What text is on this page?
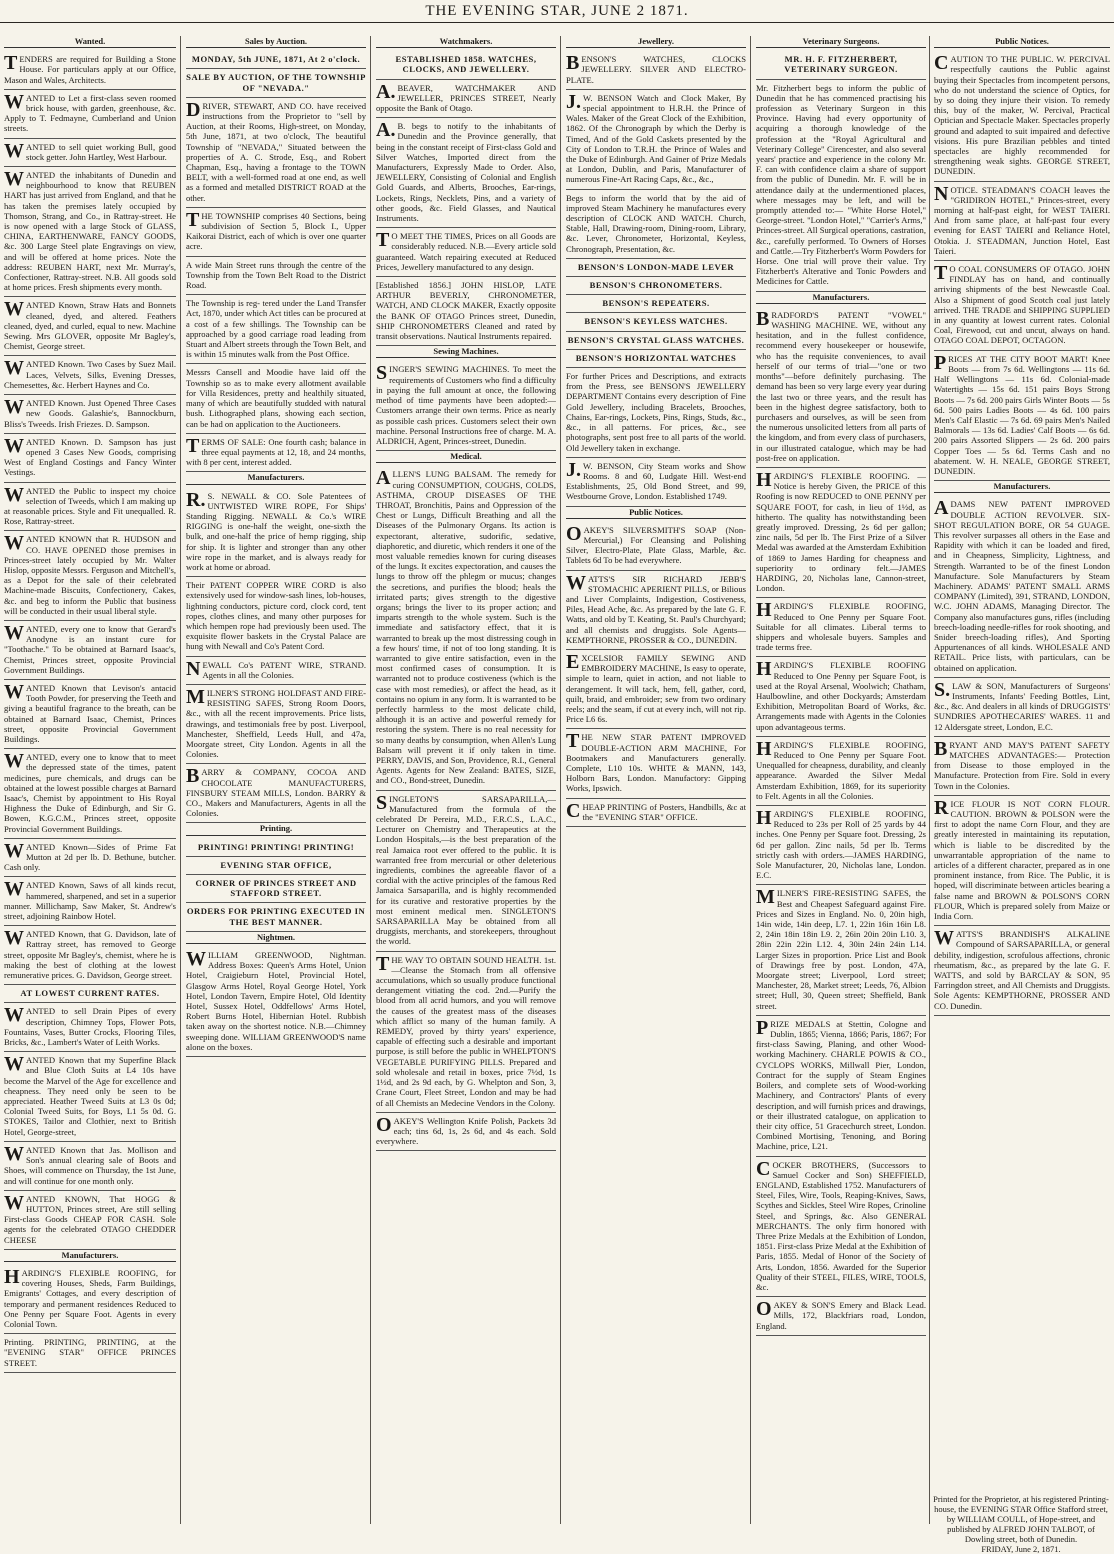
THE EVENING STAR, JUNE 2 1871.
Wanted.

TENDERS are required for Building a Stone House. For particulars apply at our Office, Mason and Wales, Architects.

WANTED to Let a first-class seven roomed brick house, with garden, greenhouse, &c. Apply to T. Fedmayne, Cumberland and Union streets.

WANTED to sell quiet working Bull, good stock getter. John Hartley, West Harbour.

WANTED the inhabitants of Dunedin and neighbourhood to know that REUBEN HART has just arrived from England, and that he has taken the premises lately occupied by Thomson, Strang, and Co., in Rattray-street. He is now opened with a large Stock of GLASS, CHINA, EARTHENWARE, FANCY GOODS, &c. 300 Large Steel plate Engravings on view, and will be offered at home prices. Note the address: REUBEN HART, next Mr. Murray's, Confectioner, Rattray-street. N.B. All goods sold at home prices. Fresh shipments every month.

WANTED Known, Straw Hats and Bonnets cleaned, dyed, and altered. Feathers cleaned, dyed, and curled, equal to new. Machine Sewing. Mrs GLOVER, opposite Mr Bagley's, Chemist, George street.

WANTED Known. Two Cases by Suez Mail. Laces, Velvets, Silks, Evening Dresses, Chemesettes, &c. Herbert Haynes and Co.

WANTED Known. Just Opened Three Cases new Goods. Galashie's, Bannockburn, Bliss's Tweeds. Irish Friezes. D. Sampson.

WANTED Known. D. Sampson has just opened 3 Cases New Goods, comprising West of England Costings and Fancy Winter Vestings.

WANTED the Public to inspect my choice selection of Tweeds, which I am making up at reasonable prices. Style and Fit unequalled. R. Rose, Rattray-street.

WANTED KNOWN that R. HUDSON and CO. HAVE OPENED those premises in Princes-street lately occupied by Mr. Walter Hislop, opposite Messrs. Ferguson and Mitchell's, as a Depot for the sale of their celebrated Machine-made Biscuits, Confectionery, Cakes, &c. and beg to inform the Public that business will be conducted in their usual liberal style.

WANTED, every one to know that Gerard's Anodyne is an instant cure for "Toothache." To be obtained at Barnard Isaac's, Chemist, Princes street, opposite Provincial Government Buildings.

WANTED Known that Levison's antacid Tooth Powder, for preserving the Teeth and giving a beautiful fragrance to the breath, can be obtained at Barnard Isaac, Chemist, Princes street, opposite Provincial Government Buildings.

WANTED, every one to know that to meet the depressed state of the times, patent medicines, pure chemicals, and drugs can be obtained at the lowest possible charges at Barnard Isaac's, Chemist by appointment to His Royal Highness the Duke of Edinburgh, and Sir G. Bowen, K.G.C.M., Princes street, opposite Provincial Government Buildings.

WANTED Known—Sides of Prime Fat Mutton at 2d per lb. D. Bethune, butcher. Cash only.

WANTED Known, Saws of all kinds recut, hammered, sharpened, and set in a superior manner. Millichamp, Saw Maker, St. Andrew's street, adjoining Rainbow Hotel.

WANTED Known, that G. Davidson, late of Rattray street, has removed to George street, opposite Mr Bagley's, chemist, where he is making the best of clothing at the lowest remunerative prices. G. Davidson, George street.

AT LOWEST CURRENT RATES.

WANTED to sell Drain Pipes of every description, Chimney Tops, Flower Pots, Fountains, Vases, Butter Crocks, Flooring Tiles, Bricks, &c., Lambert's Water of Leith Works.

WANTED Known that my Superfine Black and Blue Cloth Suits at L4 10s have become the Marvel of the Age for excellence and cheapness. They need only be seen to be appreciated. Heather Tweed Suits at L3 0s 0d; Colonial Tweed Suits, for Boys, L1 5s 0d. G. STOKES, Tailor and Clothier, next to British Hotel, George-street,

WANTED Known that Jas. Mollison and Son's annual clearing sale of Boots and Shoes, will commence on Thursday, the 1st June, and will continue for one month only.

WANTED KNOWN, That HOGG & HUTTON, Princes street, Are still selling First-class Goods CHEAP FOR CASH. Sole agents for the celebrated OTAGO CHEDDER CHEESE

Manufacturers.

HARDING'S FLEXIBLE ROOFING, for covering Houses, Sheds, Farm Buildings, Emigrants' Cottages, and every description of temporary and permanent residences Reduced to One Penny per Square Foot. Agents in every Colonial Town.

Printing. PRINTING, PRINTING, at the "EVENING STAR" OFFICE PRINCES STREET.

Sales by Auction.

MONDAY, 5th JUNE, 1871, At 2 o'clock.

SALE BY AUCTION, OF THE TOWNSHIP OF "NEVADA."

DRIVER, STEWART, AND CO. have received instructions from the Proprietor to "sell by Auction, at their Rooms, High-street, on Monday, 5th June, 1871, at two o'clock, The beautiful Township of "NEVADA," Situated between the properties of A. C. Strode, Esq., and Robert Chapman, Esq., having a frontage to the TOWN BELT, with a well-formed road at one end, as well as a formed and metalled DISTRICT ROAD at the other.

THE TOWNSHIP comprises 40 Sections, being subdivision of Section 5, Block I., Upper Kaikorai District, each of which is over one quarter acre.

A wide Main Street runs through the centre of the Township from the Town Belt Road to the District Road.

The Township is reg- tered under the Land Transfer Act, 1870, under which Act titles can be procured at a cost of a few shillings. The Township can be approached by a good carriage road leading from Stuart and Albert streets through the Town Belt, and is within 15 minutes walk from the Post Office.

Messrs Cansell and Moodie have laid off the Township so as to make every allotment available for Villa Residences, pretty and healthily situated, many of which are beautifully studded with natural bush. Lithographed plans, showing each section, can be had on application to the Auctioneers.

TERMS OF SALE: One fourth cash; balance in three equal payments at 12, 18, and 24 months, with 8 per cent, interest added.

Manufacturers.

R.S. NEWALL & CO. Sole Patentees of UNTWISTED WIRE ROPE, For Ships' Standing Rigging. NEWALL & Co.'s WIRE RIGGING is one-half the weight, one-sixth the bulk, and one-half the price of hemp rigging, ship for ship. It is lighter and stronger than any other wire rope in the market, and is always ready for work at home or abroad.

Their PATENT COPPER WIRE CORD is also extensively used for window-sash lines, lob-houses, lightning conductors, picture cord, clock cord, tent ropes, clothes clines, and many other purposes for which hempen rope had previously been used. The exquisite flower baskets in the Crystal Palace are hung with Newall and Co's Patent Cord.

NEWALL Co's PATENT WIRE, STRAND. Agents in all the Colonies.

MILNER'S STRONG HOLDFAST AND FIRE-RESISTING SAFES, Strong Room Doors, &c., with all the recent improvements. Price lists, drawings, and testimonials free by post. Liverpool, Manchester, Sheffield, Leeds Hull, and 47a, Moorgate street, City London. Agents in all the Colonies.

BARRY & COMPANY, COCOA AND CHOCOLATE MANUFACTURERS, FINSBURY STEAM MILLS, London. BARRY & CO., Makers and Manufacturers, Agents in all the Colonies.

Printing.

PRINTING! PRINTING! PRINTING!

EVENING STAR OFFICE,

CORNER OF PRINCES STREET AND STAFFORD STREET.

ORDERS FOR PRINTING EXECUTED IN THE BEST MANNER.

Nightmen.

WILLIAM GREENWOOD, Nightman. Address Boxes: Queen's Arms Hotel, Union Hotel, Craigieburn Hotel, Provincial Hotel, Glasgow Arms Hotel, Royal George Hotel, York Hotel, London Tavern, Empire Hotel, Old Identity Hotel, Sussex Hotel, Oddfellows' Arms Hotel, Robert Burns Hotel, Hibernian Hotel. Rubbish taken away on the shortest notice. N.B.—Chimney sweeping done. WILLIAM GREENWOOD'S name alone on the boxes.

Watchmakers.

ESTABLISHED 1858. WATCHES, CLOCKS, AND JEWELLERY.

A.BEAVER, WATCHMAKER AND JEWELLER, PRINCES STREET, Nearly opposite the Bank of Otago.

A.B. begs to notify to the inhabitants of Dunedin and the Province generally, that being in the constant receipt of First-class Gold and Silver Watches, Imported direct from the Manufacturers, Expressly Made to Order. Also, JEWELLERY, Consisting of Colonial and English Gold Guards, and Alberts, Brooches, Ear-rings, Lockets, Rings, Necklets, Pins, and a variety of other goods, &c. Field Glasses, and Nautical Instruments.

TO MEET THE TIMES, Prices on all Goods are considerably reduced. N.B.—Every article sold guaranteed. Watch repairing executed at Reduced Prices, Jewellery manufactured to any design.

[Established 1856.] JOHN HISLOP, LATE ARTHUR BEVERLY, CHRONOMETER, WATCH, AND CLOCK MAKER, Exactly opposite the BANK OF OTAGO Princes street, Dunedin, SHIP CHRONOMETERS Cleaned and rated by transit observations. Nautical Instruments repaired.

Sewing Machines.

SINGER'S SEWING MACHINES. To meet the requirements of Customers who find a difficulty in paying the full amount at once, the following method of time payments have been adopted:— Customers arrange their own terms. Price as nearly as possible cash prices. Customers select their own machine. Personal Instructions free of charge. M. A. ALDRICH, Agent, Princes-street, Dunedin.

Medical.

ALLEN'S LUNG BALSAM. The remedy for curing CONSUMPTION, COUGHS, COLDS, ASTHMA, CROUP DISEASES OF THE THROAT, Bronchitis, Pains and Oppression of the Chest or Lungs, Difficult Breathing and all the Diseases of the Pulmonary Organs. Its action is expectorant, alterative, sudorific, sedative, diaphoretic, and diuretic, which renders it one of the most valuable remedies known for curing diseases of the lungs. It excites expectoration, and causes the lungs to throw off the phlegm or mucus; changes the secretions, and purifies the blood; heals the irritated parts; gives strength to the digestive organs; brings the liver to its proper action; and imparts strength to the whole system. Such is the immediate and satisfactory effect, that it is warranted to break up the most distressing cough in a few hours' time, if not of too long standing. It is warranted to give entire satisfaction, even in the most confirmed cases of consumption. It is warranted not to produce costiveness (which is the case with most remedies), or affect the head, as it contains no opium in any form. It is warranted to be perfectly harmless to the most delicate child, although it is an active and powerful remedy for restoring the system. There is no real necessity for so many deaths by consumption, when Allen's Lung Balsam will prevent it if only taken in time. PERRY, DAVIS, and Son, Providence, R.I., General Agents. Agents for New Zealand: BATES, SIZE, and CO., Bond-street, Dunedin.

SINGLETON'S SARSAPARILLA,— Manufactured from the formula of the celebrated Dr Pereira, M.D., F.R.C.S., L.A.C., Lecturer on Chemistry and Therapeutics at the London Hospitals,—is the best preparation of the real Jamaica root ever offered to the public. It is warranted free from mercurial or other deleterious ingredients, combines the agreeable flavor of a cordial with the active principles of the famous Red Jamaica Sarsaparilla, and is highly recommended for its curative and restorative properties by the most eminent medical men. SINGLETON'S SARSAPARILLA May be obtained from all druggists, merchants, and storekeepers, throughout the world.

THE WAY TO OBTAIN SOUND HEALTH. 1st.—Cleanse the Stomach from all offensive accumulations, which so usually produce functional derangement vitiating the cod. 2nd.—Purify the blood from all acrid humors, and you will remove the causes of the greatest mass of the diseases which afflict so many of the human family. A REMEDY, proved by thirty years' experience, capable of effecting such a desirable and important purpose, is still before the public in WHELPTON'S VEGETABLE PURIFYING PILLS. Prepared and sold wholesale and retail in boxes, price 7½d, 1s 1½d, and 2s 9d each, by G. Whelpton and Son, 3, Crane Court, Fleet Street, London and may be had of all Chemists an Medecine Vendors in the Colony.

OAKEY'S Wellington Knife Polish, Packets 3d each; tins 6d, 1s, 2s 6d, and 4s each. Sold everywhere.

Jewellery.

BENSON'S WATCHES, CLOCKS JEWELLERY. SILVER AND ELECTRO-PLATE.

J.W. BENSON Watch and Clock Maker, By special appointment to H.R.H. the Prince of Wales. Maker of the Great Clock of the Exhibition, 1862. Of the Chronograph by which the Derby is Timed, And of the Gold Caskets presented by the City of London to T.R.H. the Prince of Wales and the Duke of Edinburgh. And Gainer of Prize Medals at London, Dublin, and Paris, Manufacturer of numerous Fine-Art Racing Caps, &c., &c.,

Begs to inform the world that by the aid of improved Steam Machinery he manufactures every description of CLOCK AND WATCH. Church, Stable, Hall, Drawing-room, Dining-room, Library, &c. Lever, Chronometer, Horizontal, Keyless, Chronograph, Presentation, &c.

BENSON'S LONDON-MADE LEVER

BENSON'S CHRONOMETERS.

BENSON'S REPEATERS.

BENSON'S KEYLESS WATCHES.

BENSON'S CRYSTAL GLASS WATCHES.

BENSON'S HORIZONTAL WATCHES

For further Prices and Descriptions, and extracts from the Press, see BENSON'S JEWELLERY DEPARTMENT Contains every description of Fine Gold Jewellery, including Bracelets, Brooches, Chains, Ear-rings, Lockets, Pins, Rings, Studs, &c., &c., in all patterns. For prices, &c., see photographs, sent post free to all parts of the world. Old Jewellery taken in exchange.

J.W. BENSON, City Steam works and Show Rooms. 8 and 60, Ludgate Hill. West-end Establishments, 25, Old Bond Street, and 99, Westbourne Grove, London. Established 1749.

Public Notices.

OAKEY'S SILVERSMITH'S SOAP (Non-Mercurial,) For Cleansing and Polishing Silver, Electro-Plate, Plate Glass, Marble, &c. Tablets 6d To be had everywhere.

WATTS'S SIR RICHARD JEBB'S STOMACHIC APERIENT PILLS, or Bilious and Liver Complaints, Indigestion, Costiveness, Piles, Head Ache, &c. As prepared by the late G. F. Watts, and old by T. Keating, St. Paul's Churchyard; and all chemists and druggists. Sole Agents— KEMPTHORNE, PROSSER & CO., DUNEDIN.

EXCELSIOR FAMILY SEWING AND EMBROIDERY MACHINE, Is easy to operate, simple to learn, quiet in action, and not liable to derangement. It will tack, hem, fell, gather, cord, quilt, braid, and embroider; sew from two ordinary reels; and the seam, if cut at every inch, will not rip. Price L6 6s.

THE NEW STAR PATENT IMPROVED DOUBLE-ACTION ARM MACHINE, For Bootmakers and Manufacturers generally. Complete, L10 10s. WHITE & MANN, 143, Holborn Bars, London. Manufactory: Gipping Works, Ipswich.

CHEAP PRINTING of Posters, Handbills, &c at the "EVENING STAR" OFFICE.

Veterinary Surgeons.

MR. H. F. FITZHERBERT, VETERINARY SURGEON.

Mr. Fitzherbert begs to inform the public of Dunedin that he has commenced practising his profession as Veterinary Surgeon in this Province. Having had every opportunity of acquiring a thorough knowledge of the profession at the "Royal Agricultural and Veterinary College" Cirencester, and also several years' practice and experience in the colony Mr. F. can with confidence claim a share of support from the public of Dunedin. Mr. F. will be in attendance daily at the undermentioned places, where messages may be left, and will be promptly attended to:— "White Horse Hotel," George-street. "London Hotel," "Carrier's Arms," Princes-street. All Surgical operations, castration, &c., carefully performed. To Owners of Horses and Cattle.—Try Fitzherbert's Worm Powders for Horse. One trial will prove their value. Try Fitzherbert's Alterative and Tonic Powders and Medicines for Cattle.

Manufacturers.

BRADFORD'S PATENT "VOWEL" WASHING MACHINE. WE, without any hesitation, and in the fullest confidence, recommend every housekeeper or housewife, who has the requisite conveniences, to avail herself of our terms of trial—"one or two months"—before definitely purchasing. The demand has been so very large every year during the last two or three years, and the result has been in the highest degree satisfactory, both to purchasers and ourselves, as will be seen from the numerous unsolicited letters from all parts of the kingdom, and from every class of purchasers, in our illustrated catalogue, which may be had post-free on application.

HARDING'S FLEXIBLE ROOFING. —Notice is hereby Given, the PRICE of this Roofing is now REDUCED to ONE PENNY per SQUARE FOOT, for cash, in lieu of 1½d, as hitherto. The quality has notwithstanding been greatly improved. Dressing, 2s 6d per gallon; zinc nails, 5d per lb. The First Prize of a Silver Medal was awarded at the Amsterdam Exhibition of 1869 to James Harding for cheapness and superiority to ordinary felt.—JAMES HARDING, 20, Nicholas lane, Cannon-street, London.

HARDING'S FLEXIBLE ROOFING, Reduced to One Penny per Square Foot. Suitable for all climates. Liberal terms to shippers and wholesale buyers. Samples and trade terms free.

HARDING'S FLEXIBLE ROOFING Reduced to One Penny per Square Foot, is used at the Royal Arsenal, Woolwich; Chatham, Haulbowline, and other Dockyards; Amsterdam Exhibition, Metropolitan Board of Works, &c. Arrangements made with Agents in the Colonies upon advantageous terms.

HARDING'S FLEXIBLE ROOFING, Reduced to One Penny per Square Foot. Unequalled for cheapness, durability, and cleanly appearance. Awarded the Silver Medal Amsterdam Exhibition, 1869, for its superiority to Felt. Agents in all the Colonies.

HARDING'S FLEXIBLE ROOFING, Reduced to 23s per Roll of 25 yards by 44 inches. One Penny per Square foot. Dressing, 2s 6d per gallon. Zinc nails, 5d per lb. Terms strictly cash with orders.—JAMES HARDING, Sole Manufacturer, 20, Nicholas lane, London. E.C.

MILNER'S FIRE-RESISTING SAFES, the Best and Cheapest Safeguard against Fire. Prices and Sizes in England. No. 0, 20in high, 14in wide, 14in deep, L7. 1, 22in 16in 16in L8. 2, 24in 18in 18in L9. 2, 26in 20in 20in L10. 3, 28in 22in 22in L12. 4, 30in 24in 24in L14. Larger Sizes in proportion. Price List and Book of Drawings free by post. London, 47A, Moorgate street; Liverpool, Lord street; Manchester, 28, Market street; Leeds, 76, Albion street; Hull, 30, Queen street; Sheffield, Bank street.

PRIZE MEDALS at Stettin, Cologne and Dublin, 1865; Vienna, 1866; Paris, 1867; For first-class Sawing, Planing, and other Wood-working Machinery. CHARLE POWIS & CO., CYCLOPS WORKS, Millwall Pier, London, Contract for the supply of Steam Engines Boilers, and complete sets of Wood-working Machinery, and Contractors' Plants of every description, and will furnish prices and drawings, or their illustrated catalogue, on application to their city office, 51 Gracechurch street, London. Combined Mortising, Tenoning, and Boring Machine, price, L21.

COCKER BROTHERS, (Successors to Samuel Cocker and Son) SHEFFIELD, ENGLAND, Established 1752. Manufacturers of Steel, Files, Wire, Tools, Reaping-Knives, Saws, Scythes and Sickles, Steel Wire Ropes, Crinoline Steel, and Springs, &c. Also GENERAL MERCHANTS. The only firm honored with Three Prize Medals at the Exhibition of London, 1851. First-class Prize Medal at the Exhibition of Paris, 1855. Medal of Honor of the Society of Arts, London, 1856. Awarded for the Superior Quality of their STEEL, FILES, WIRE, TOOLS, &c.

OAKEY & SON'S Emery and Black Lead. Mills, 172, Blackfriars road, London, England.

Public Notices.

CAUTION TO THE PUBLIC. W. PERCIVAL respectfully cautions the Public against buying their Spectacles from incompetent persons, who do not understand the science of Optics, for by so doing they injure their vision. To remedy this, buy of the maker, W. Percival, Practical Optician and Spectacle Maker. Spectacles properly ground and adapted to suit impaired and defective visions. His pure Brazilian pebbles and tinted spectacles are highly recommended for strengthening weak sights. GEORGE STREET, DUNEDIN.

NOTICE. STEADMAN'S COACH leaves the "GRIDIRON HOTEL," Princes-street, every morning at half-past eight, for WEST TAIERI. And from same place, at half-past four every evening for EAST TAIERI and Reliance Hotel, Otokia. J. STEADMAN, Junction Hotel, East Taieri.

TO COAL CONSUMERS OF OTAGO. JOHN FINDLAY has on hand, and continually arriving shipments of the best Newcastle Coal. Also a Shipment of good Scotch coal just lately arrived. THE TRADE and SHIPPING SUPPLIED in any quantity at lowest current rates. Colonial Coal, Firewood, cut and uncut, always on hand. OTAGO COAL DEPOT, OCTAGON.

PRICES AT THE CITY BOOT MART! Knee Boots — from 7s 6d. Wellingtons — 11s 6d. Half Wellingtons — 11s 6d. Colonial-made Watertights — 15s 6d. 151 pairs Boys Strong Boots — 7s 6d. 200 pairs Girls Winter Boots — 5s 6d. 500 pairs Ladies Boots — 4s 6d. 100 pairs Men's Calf Elastic — 7s 6d. 69 pairs Men's Nailed Balmorals — 13s 6d. Ladies' Calf Boots — 6s 6d. 200 pairs Assorted Slippers — 2s 6d. 200 pairs Copper Toes — 5s 6d. Terms Cash and no abatement. W. H. NEALE, GEORGE STREET, DUNEDIN.

Manufacturers.

ADAMS NEW PATENT IMPROVED DOUBLE ACTION REVOLVER. SIX-SHOT REGULATION BORE, OR 54 GUAGE. This revolver surpasses all others in the Ease and Rapidity with which it can be loaded and fired, and in Cheapness, Simplicity, Lightness, and Strength. Warranted to be of the finest London Manufacture. Sole Manufacturers by Steam Machinery. ADAMS' PATENT SMALL ARMS COMPANY (Limited), 391, STRAND, LONDON, W.C. JOHN ADAMS, Managing Director. The Company also manufactures guns, rifles (including breech-loading needle-rifles for rook shooting, and Snider breech-loading rifles), And Sporting Appurtenances of all kinds. WHOLESALE AND RETAIL. Price lists, with particulars, can be obtained on application.

S.LAW & SON, Manufacturers of Surgeons' Instruments, Infants' Feeding Bottles, Lint, &c., &c. And dealers in all kinds of DRUGGISTS' SUNDRIES APOTHECARIES' WARES. 11 and 12 Aldersgate street, London, E.C.

BRYANT AND MAY'S PATENT SAFETY MATCHES ADVANTAGES:— Protection from Disease to those employed in the Manufacture. Protection from Fire. Sold in every Town in the Colonies.

RICE FLOUR IS NOT CORN FLOUR. CAUTION. BROWN & POLSON were the first to adopt the name Corn Flour, and they are greatly interested in maintaining its reputation, which is liable to be discredited by the unwarrantable appropriation of the name to articles of a different character, prepared as in one prominent instance, from Rice. The Public, it is hoped, will discriminate between articles bearing a false name and BROWN & POLSON'S CORN FLOUR, Which is prepared solely from Maize or India Corn.

WATTS'S BRANDISH'S ALKALINE Compound of SARSAPARILLA, or general debility, indigestion, scrofulous affections, chronic rheumatism, &c., as prepared by the late G. F. WATTS, and sold by BARCLAY & SON, 95 Farringdon street, and All Chemists and Druggists. Sole Agents: KEMPTHORNE, PROSSER AND CO. Dunedin.

Printed for the Proprietor, at his registered Printing-house, the EVENING STAR Office Stafford street, by WILLIAM COULL, of Hope-street, and published by ALFRED JOHN TALBOT, of Dowling street, both of Dunedin.
FRIDAY, June 2, 1871.
